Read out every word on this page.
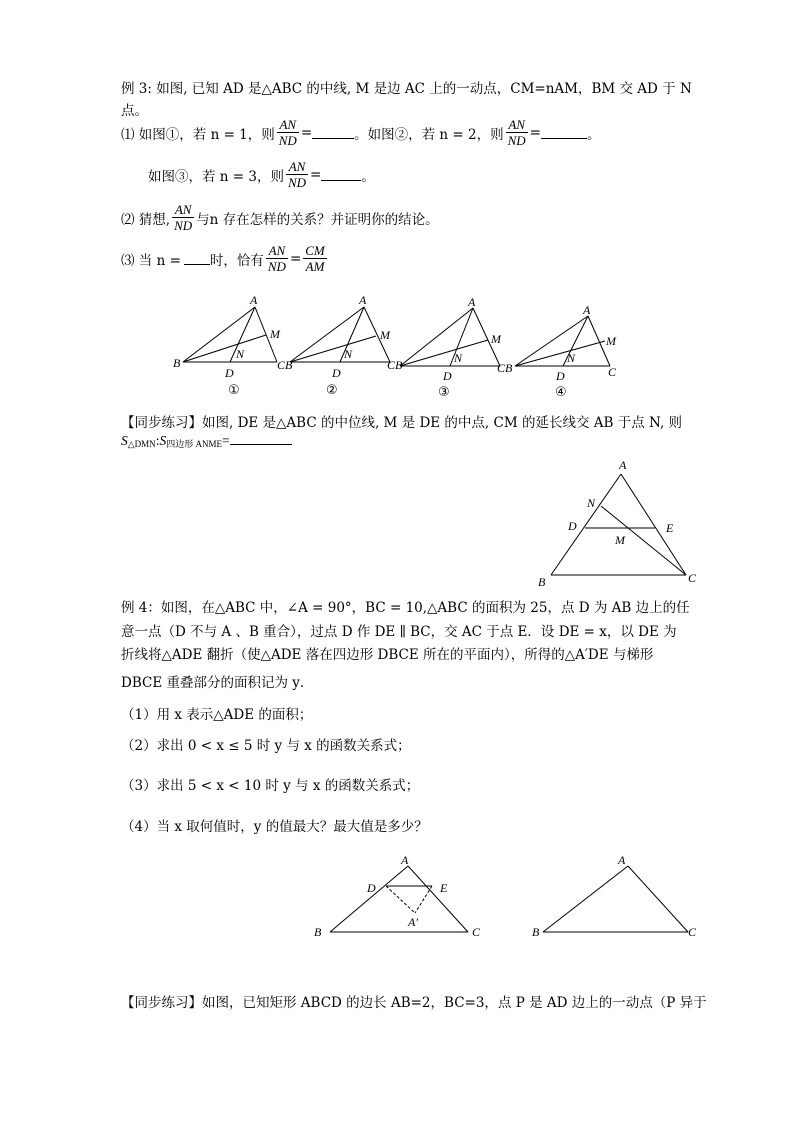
例 3: 如图, 已知 AD 是△ABC 的中线, M 是边 AC 上的一动点，CM=nAM，BM 交 AD 于 N
点。
⑴ 如图①，若 n = 1，则 $\frac{AN}{ND}$ =	。如图②，若 n = 2，则 $\frac{AN}{ND}$ =	。
如图③，若 n = 3，则 $\frac{AN}{ND}$ =	。
⑵ 猜想, $\frac{AN}{ND}$ 与n 存在怎样的关系？并证明你的结论。
⑶ 当 n = 时，恰有 $\frac{AN}{ND} = \frac{CM}{AM}$
A
M
N
B
D
CB
①
A
M
N
D
CB
②
A
M
N
D
CB
③
A
M
N
D	C
④
【同步练习】如图, DE 是△ABC 的中位线, M 是 DE 的中点, CM 的延长线交 AB 于点 N, 则
S△DMN:S四边形 ANME=
A
N
D	E
M
B	C
例 4：如图，在△ABC 中，∠A = 90°，BC = 10,△ABC 的面积为 25，点 D 为 AB 边上的任
意一点（D 不与 A 、B 重合），过点 D 作 DE ∥ BC，交 AC 于点 E．设 DE = x，以 DE 为
折线将△ADE 翻折（使△ADE 落在四边形 DBCE 所在的平面内），所得的△A′DE 与梯形
DBCE 重叠部分的面积记为 y．
（1）用 x 表示△ADE 的面积；
（2）求出 0 < x ≤ 5 时 y 与 x 的函数关系式；
（3）求出 5 < x < 10 时 y 与 x 的函数关系式；
（4）当 x 取何值时，y 的值最大？最大值是多少？
A
D	E
A′
B	C
A
B	C
【同步练习】如图，已知矩形 ABCD 的边长 AB=2，BC=3，点 P 是 AD 边上的一动点（P 异于
